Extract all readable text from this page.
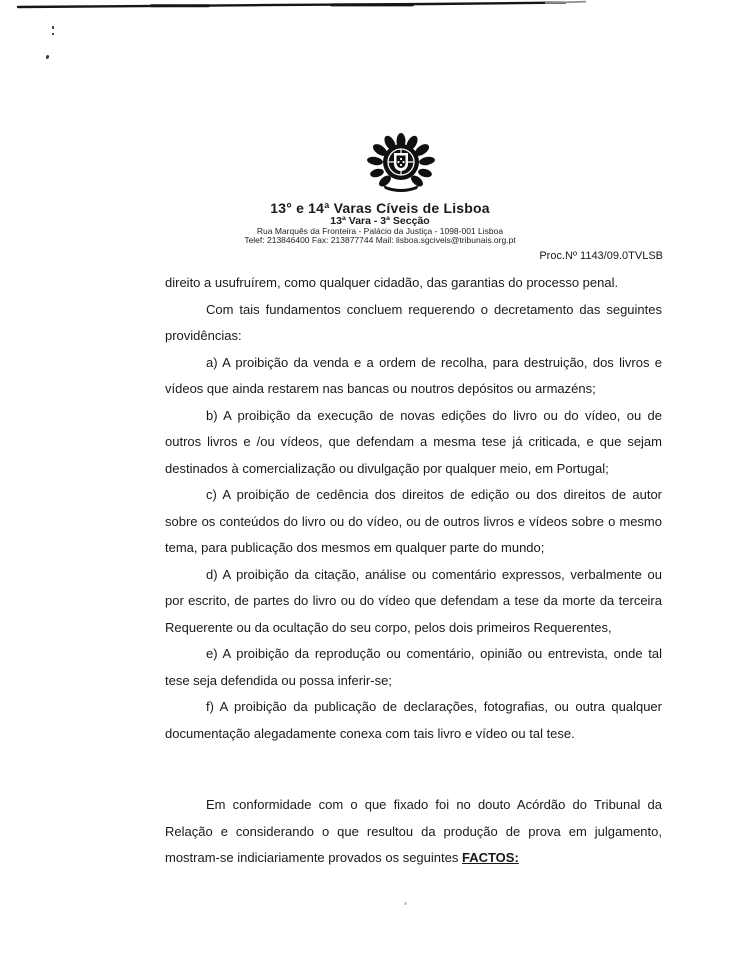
13° e 14ª Varas Cíveis de Lisboa
13ª Vara - 3ª Secção
Rua Marquês da Fronteira - Palácio da Justiça - 1098-001 Lisboa
Telef: 213846400 Fax: 213877744 Mail: lisboa.sgciveis@tribunais.org.pt
Proc.Nº 1143/09.0TVLSB

direito a usufruírem, como qualquer cidadão, das garantias do processo penal.

Com tais fundamentos concluem requerendo o decretamento das seguintes providências:

a) A proibição da venda e a ordem de recolha, para destruição, dos livros e vídeos que ainda restarem nas bancas ou noutros depósitos ou armazéns;

b) A proibição da execução de novas edições do livro ou do vídeo, ou de outros livros e /ou vídeos, que defendam a mesma tese já criticada, e que sejam destinados à comercialização ou divulgação por qualquer meio, em Portugal;

c) A proibição de cedência dos direitos de edição ou dos direitos de autor sobre os conteúdos do livro ou do vídeo, ou de outros livros e vídeos sobre o mesmo tema, para publicação dos mesmos em qualquer parte do mundo;

d) A proibição da citação, análise ou comentário expressos, verbalmente ou por escrito, de partes do livro ou do vídeo que defendam a tese da morte da terceira Requerente ou da ocultação do seu corpo, pelos dois primeiros Requerentes,

e) A proibição da reprodução ou comentário, opinião ou entrevista, onde tal tese seja defendida ou possa inferir-se;

f) A proibição da publicação de declarações, fotografias, ou outra qualquer documentação alegadamente conexa com tais livro e vídeo ou tal tese.

Em conformidade com o que fixado foi no douto Acórdão do Tribunal da Relação e considerando o que resultou da produção de prova em julgamento, mostram-se indiciariamente provados os seguintes FACTOS:
